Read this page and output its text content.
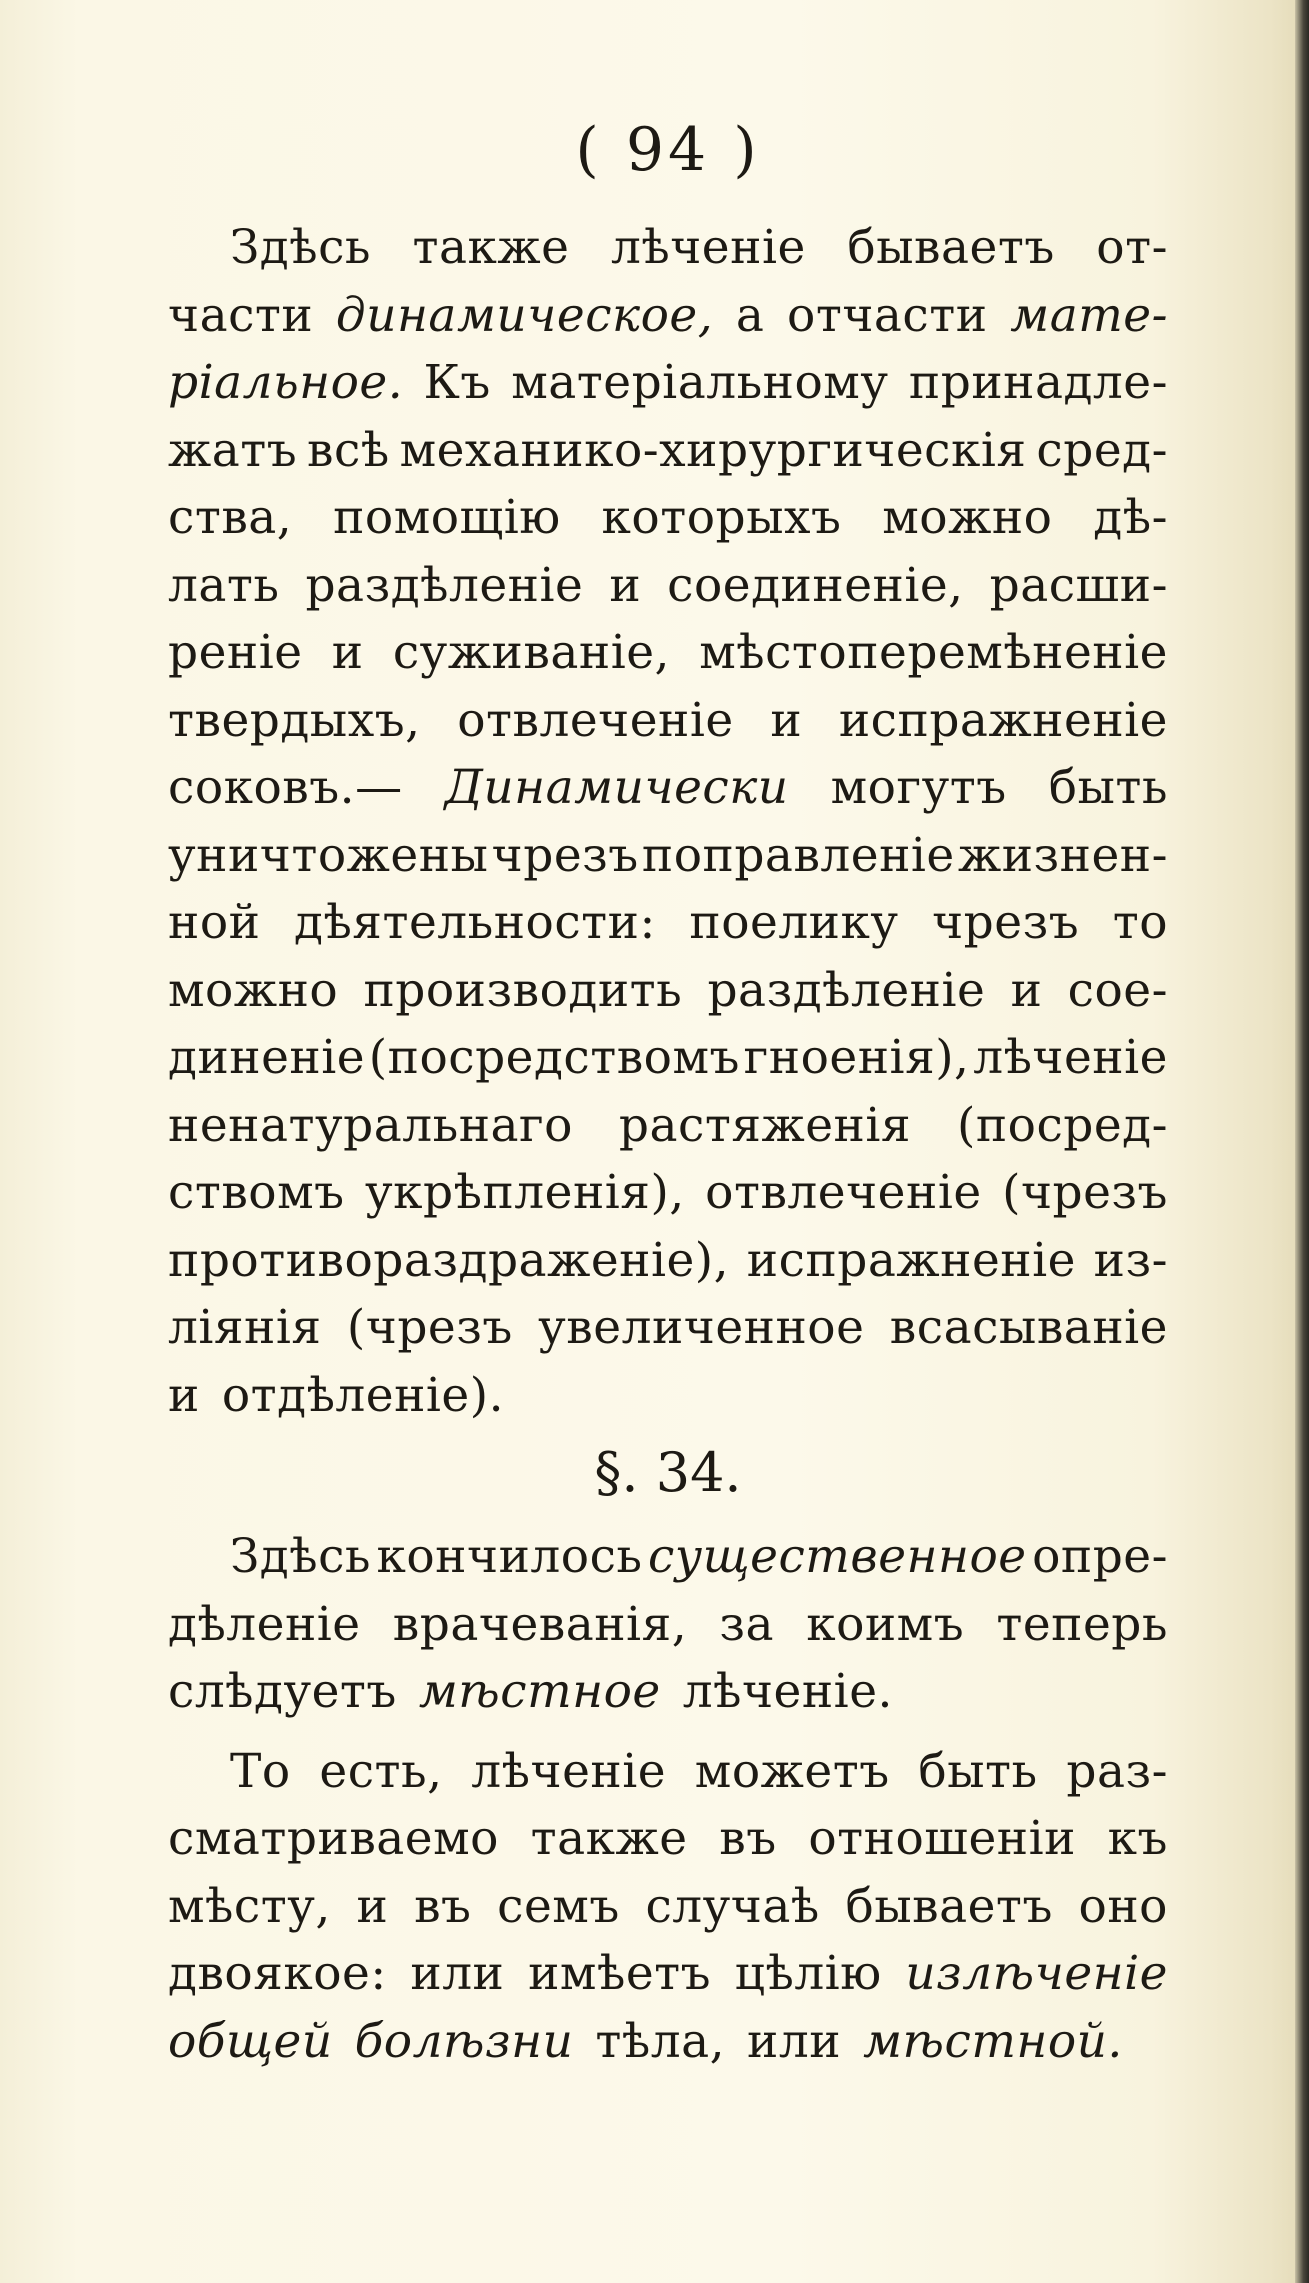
( 94 )
Здѣсь также лѣченіе бываетъ от-
части динамическое, а отчасти мате-
ріальное. Къ матеріальному принадле-
жатъ всѣ механико-хирургическія сред-
ства, помощію которыхъ можно дѣ-
лать раздѣленіе и соединеніе, расши-
реніе и суживаніе, мѣстоперемѣненіе
твердыхъ, отвлеченіе и испражненіе
соковъ.— Динамически могутъ быть
уничтожены чрезъ поправленіе жизнен-
ной дѣятельности: поелику чрезъ то
можно производить раздѣленіе и сое-
диненіе (посредствомъ гноенія), лѣченіе
ненатуральнаго растяженія (посред-
ствомъ укрѣпленія), отвлеченіе (чрезъ
противораздраженіе), испражненіе из-
ліянія (чрезъ увеличенное всасываніе
и отдѣленіе).
§. 34.
Здѣсь кончилось существенное опре-
дѣленіе врачеванія, за коимъ теперь
слѣдуетъ мѣстное лѣченіе.
То есть, лѣченіе можетъ быть раз-
сматриваемо также въ отношеніи къ
мѣсту, и въ семъ случаѣ бываетъ оно
двоякое: или имѣетъ цѣлію излѣченіе
общей болѣзни тѣла, или мѣстной.
